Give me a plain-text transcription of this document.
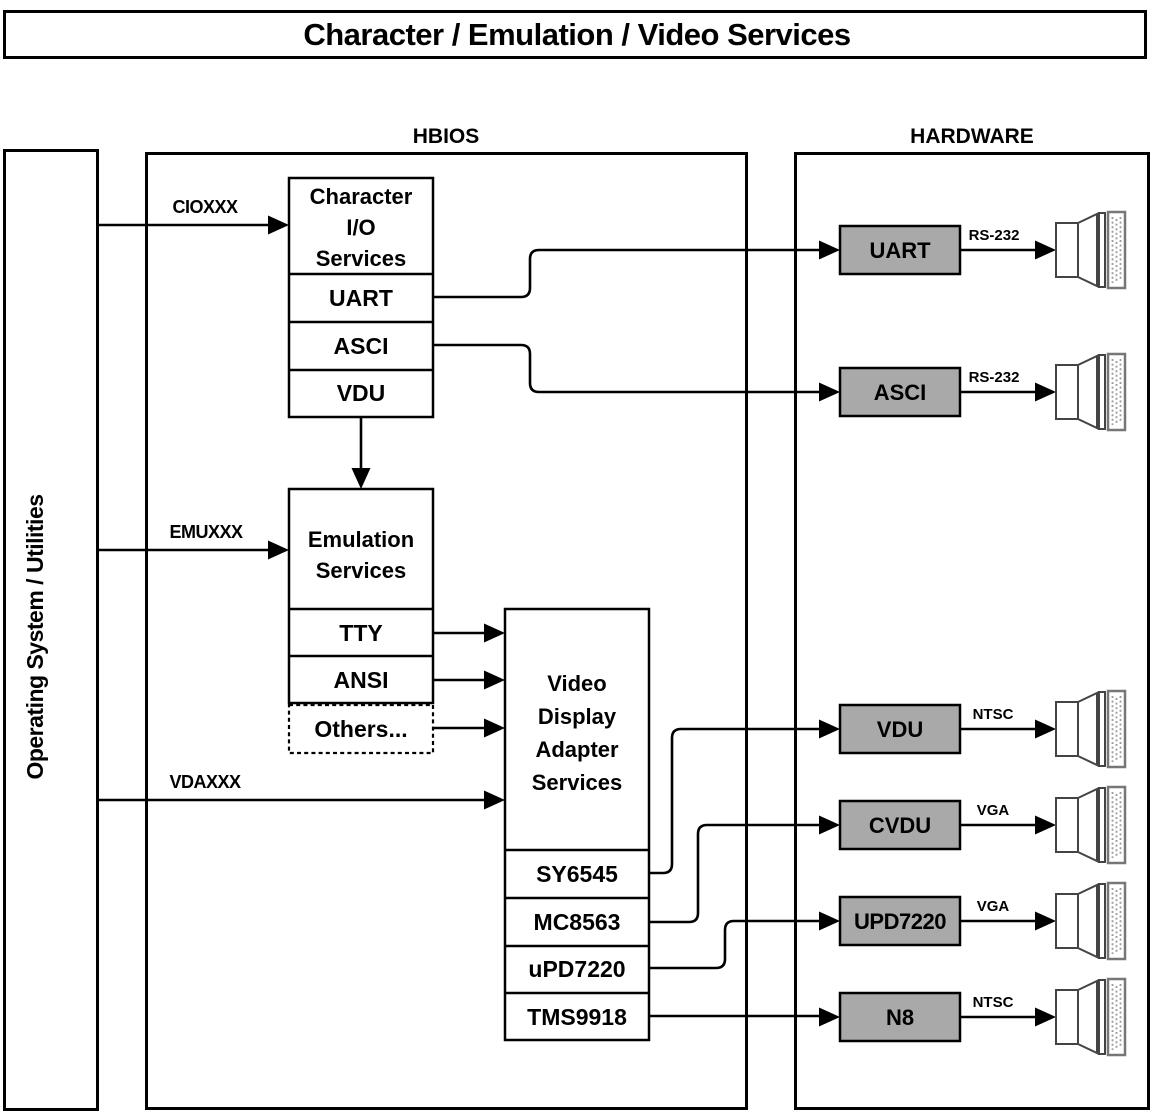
Character / Emulation / Video Services
HBIOS	HARDWARE
Operating System / Utilities
Character
I/O
Services
UART
ASCI
VDU
Emulation
Services
TTY
ANSI
Others...
Video
Display
Adapter
Services
SY6545
MC8563
uPD7220
TMS9918
CIOXXX
EMUXXX
VDAXXX
UART
ASCI
VDU
CVDU
UPD7220
N8
RS-232
RS-232
NTSC
VGA
VGA
NTSC
